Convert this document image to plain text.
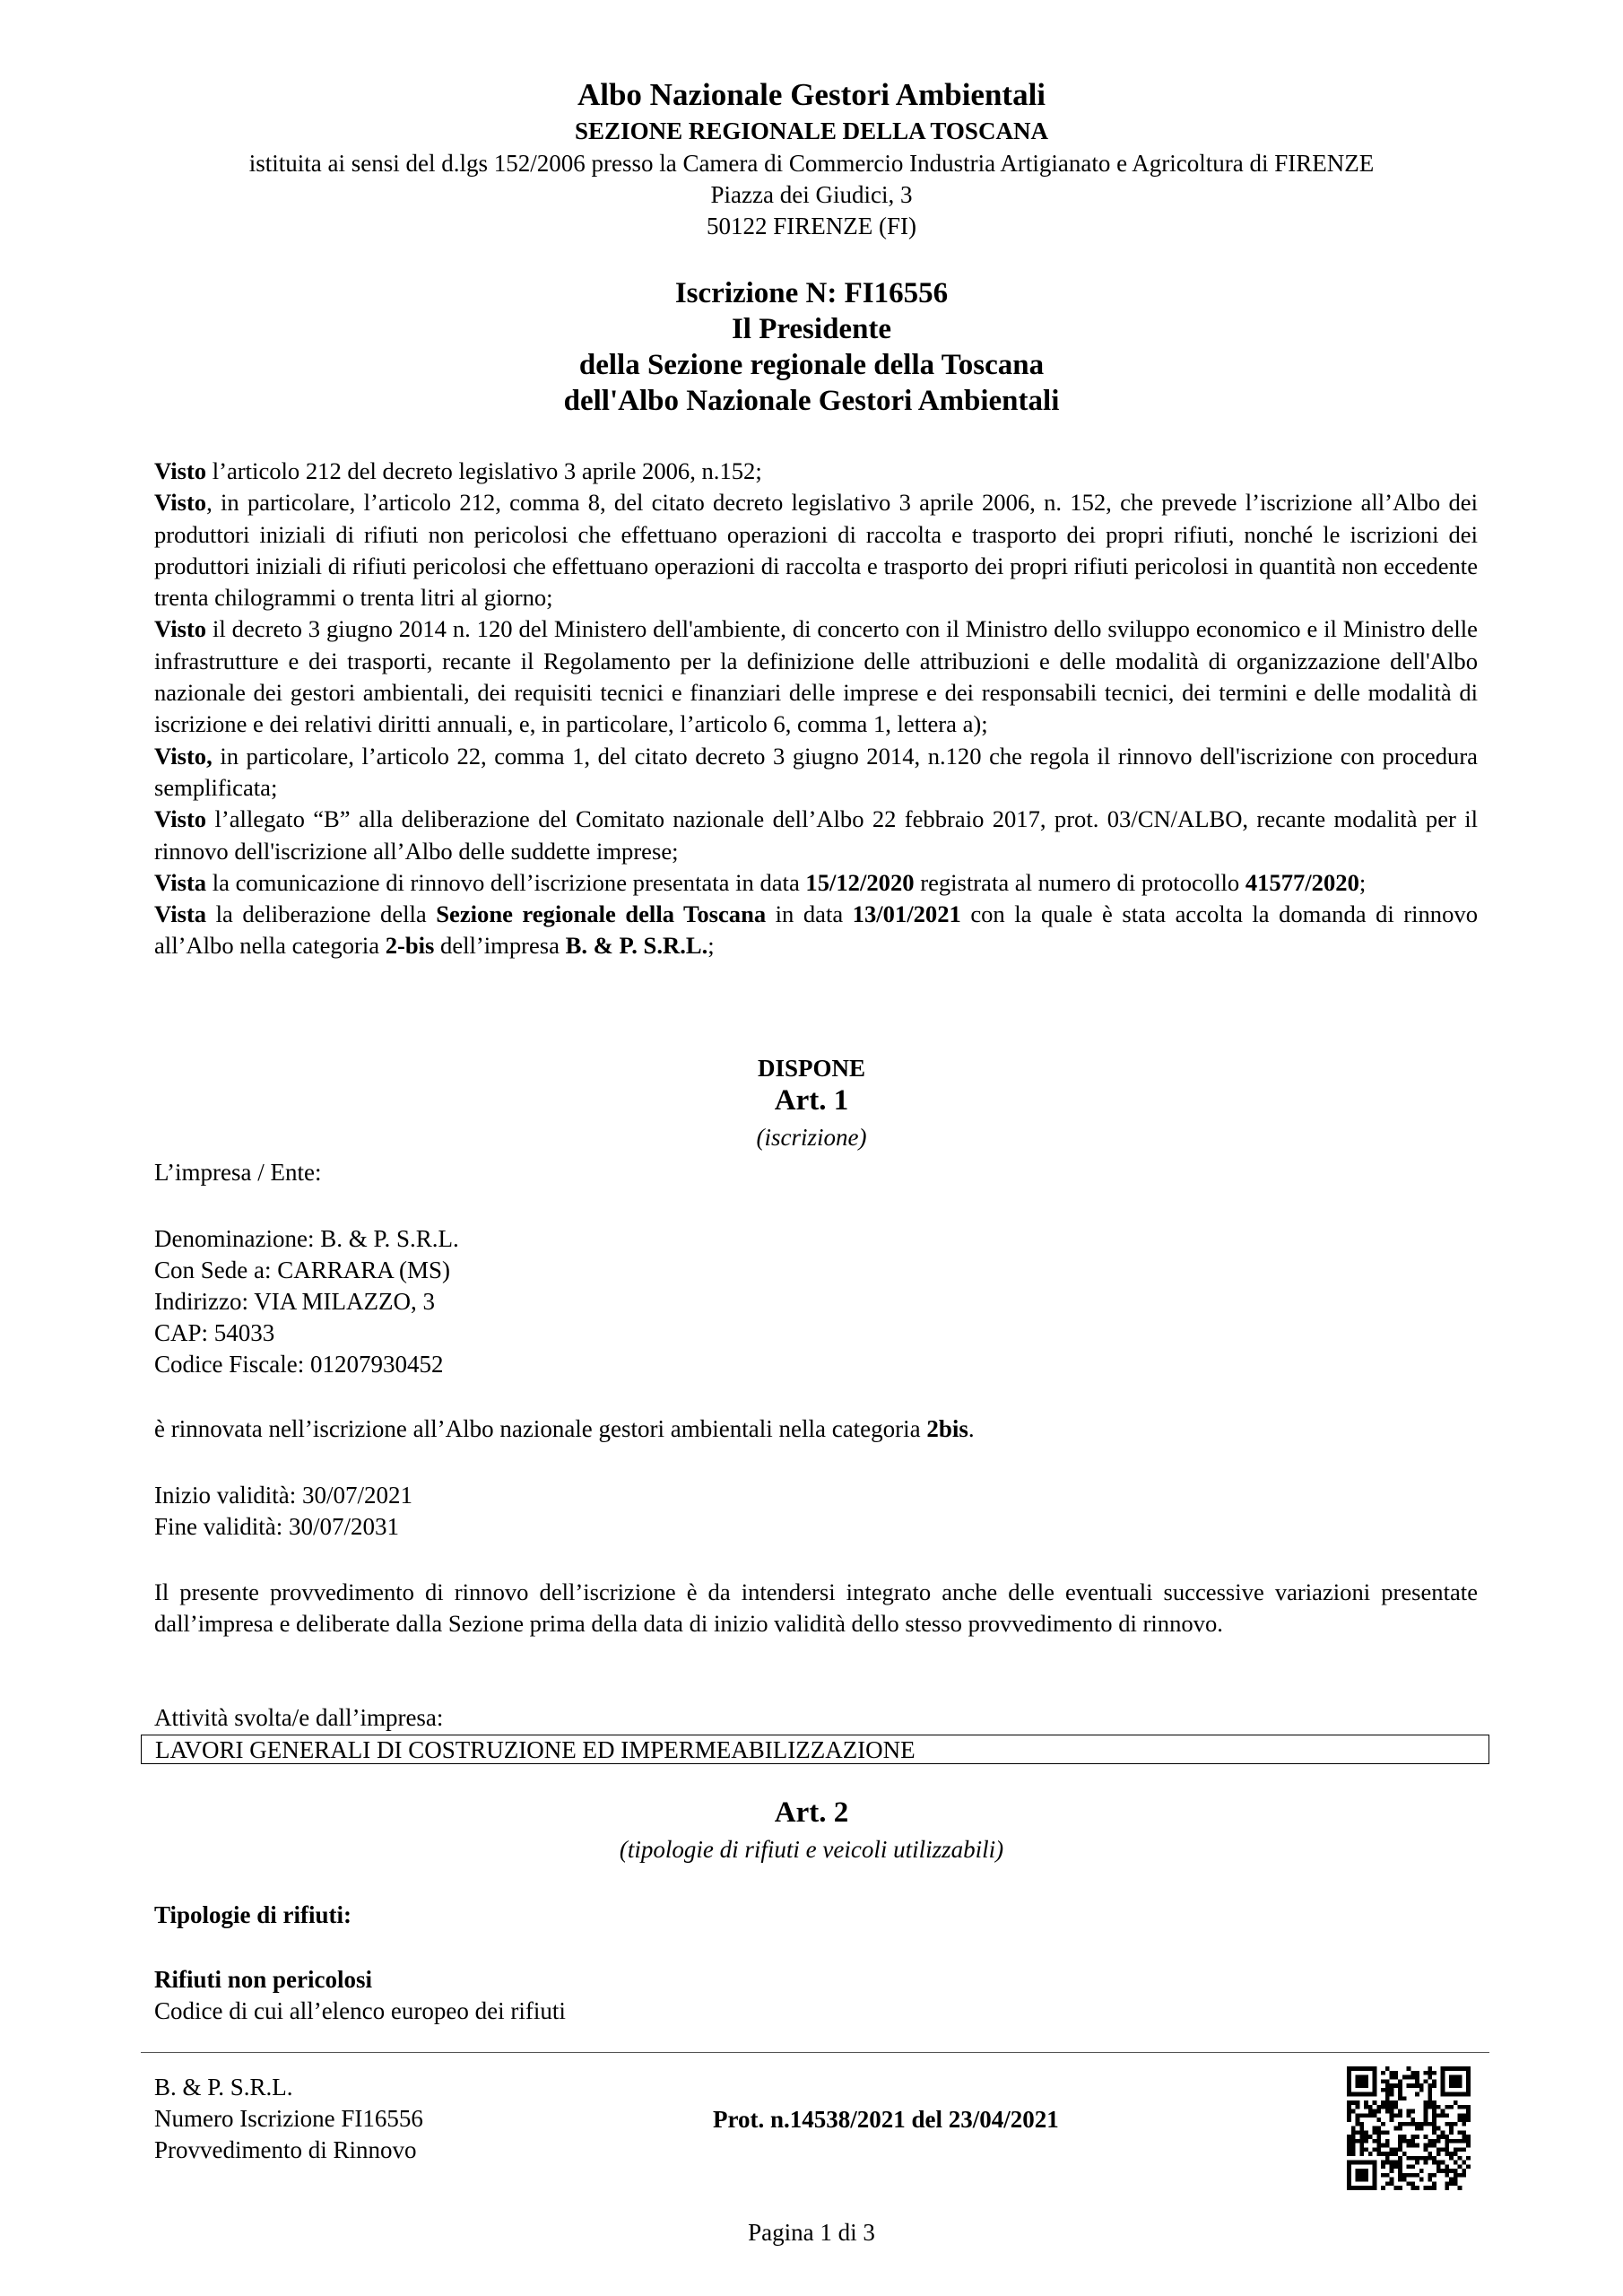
Albo Nazionale Gestori Ambientali
SEZIONE REGIONALE DELLA TOSCANA
istituita ai sensi del d.lgs 152/2006 presso la Camera di Commercio Industria Artigianato e Agricoltura di FIRENZE
Piazza dei Giudici, 3
50122 FIRENZE (FI)
Iscrizione N: FI16556
Il Presidente
della Sezione regionale della Toscana
dell'Albo Nazionale Gestori Ambientali

Visto l’articolo 212 del decreto legislativo 3 aprile 2006, n.152;

Visto, in particolare, l’articolo 212, comma 8, del citato decreto legislativo 3 aprile 2006, n. 152, che prevede l’iscrizione all’Albo dei produttori iniziali di rifiuti non pericolosi che effettuano operazioni di raccolta e trasporto dei propri rifiuti, nonché le iscrizioni dei produttori iniziali di rifiuti pericolosi che effettuano operazioni di raccolta e trasporto dei propri rifiuti pericolosi in quantità non eccedente trenta chilogrammi o trenta litri al giorno;

Visto il decreto 3 giugno 2014 n. 120 del Ministero dell'ambiente, di concerto con il Ministro dello sviluppo economico e il Ministro delle infrastrutture e dei trasporti, recante il Regolamento per la definizione delle attribuzioni e delle modalità di organizzazione dell'Albo nazionale dei gestori ambientali, dei requisiti tecnici e finanziari delle imprese e dei responsabili tecnici, dei termini e delle modalità di iscrizione e dei relativi diritti annuali, e, in particolare, l’articolo 6, comma 1, lettera a);

Visto, in particolare, l’articolo 22, comma 1, del citato decreto 3 giugno 2014, n.120 che regola il rinnovo dell'iscrizione con procedura semplificata;

Visto l’allegato “B” alla deliberazione del Comitato nazionale dell’Albo 22 febbraio 2017, prot. 03/CN/ALBO, recante modalità per il rinnovo dell'iscrizione all’Albo delle suddette imprese;

Vista la comunicazione di rinnovo dell’iscrizione presentata in data 15/12/2020 registrata al numero di protocollo 41577/2020;

Vista la deliberazione della Sezione regionale della Toscana in data 13/01/2021 con la quale è stata accolta la domanda di rinnovo all’Albo nella categoria 2-bis dell’impresa B. & P. S.R.L.;

DISPONE
Art. 1
(iscrizione)
L’impresa / Ente:
Denominazione: B. & P. S.R.L.
Con Sede a: CARRARA (MS)
Indirizzo: VIA MILAZZO, 3
CAP: 54033
Codice Fiscale: 01207930452
è rinnovata nell’iscrizione all’Albo nazionale gestori ambientali nella categoria 2bis.
Inizio validità: 30/07/2021
Fine validità: 30/07/2031
Il presente provvedimento di rinnovo dell’iscrizione è da intendersi integrato anche delle eventuali successive variazioni presentate dall’impresa e deliberate dalla Sezione prima della data di inizio validità dello stesso provvedimento di rinnovo.
Attività svolta/e dall’impresa:
LAVORI GENERALI DI COSTRUZIONE ED IMPERMEABILIZZAZIONE
Art. 2
(tipologie di rifiuti e veicoli utilizzabili)
Tipologie di rifiuti:
Rifiuti non pericolosi
Codice di cui all’elenco europeo dei rifiuti
B. & P. S.R.L.
Numero Iscrizione FI16556
Provvedimento di Rinnovo
Prot. n.14538/2021 del 23/04/2021
Pagina 1 di 3
